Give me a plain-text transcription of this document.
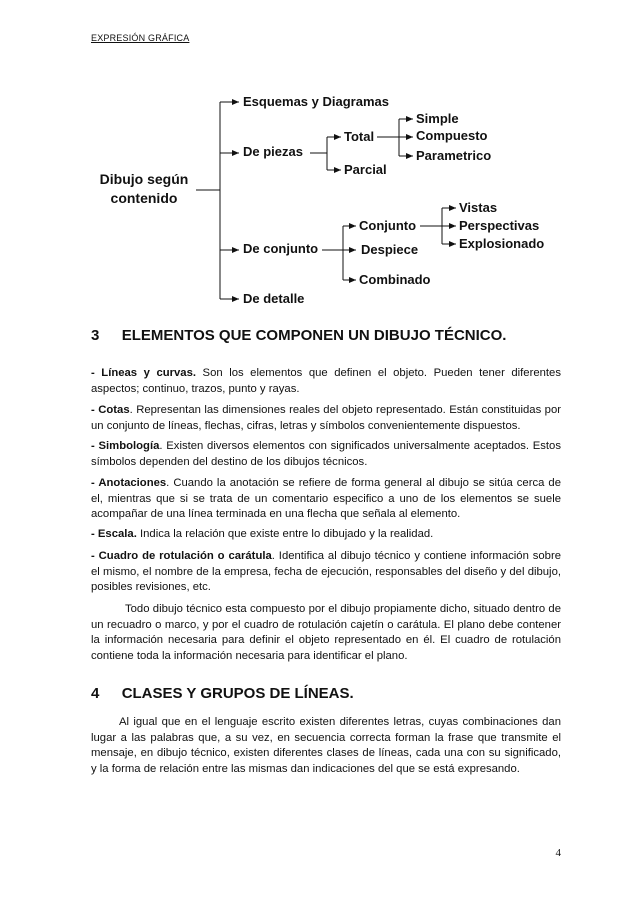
EXPRESIÓN GRÁFICA
Dibujo según
contenido
Esquemas y Diagramas
De piezas
De conjunto
De detalle
Total
Parcial
Simple
Compuesto
Parametrico
Conjunto
Despiece
Combinado
Vistas
Perspectivas
Explosionado
3 ELEMENTOS QUE COMPONEN UN DIBUJO TÉCNICO.
- Líneas y curvas. Son los elementos que definen el objeto. Pueden tener diferentes aspectos; continuo, trazos, punto y rayas.
- Cotas. Representan las dimensiones reales del objeto representado. Están constituidas por un conjunto de líneas, flechas, cifras, letras y símbolos convenientemente dispuestos.
- Simbología. Existen diversos elementos con significados universalmente aceptados. Estos símbolos dependen del destino de los dibujos técnicos.
- Anotaciones. Cuando la anotación se refiere de forma general al dibujo se sitúa cerca de el, mientras que si se trata de un comentario especifico a uno de los elementos se suele acompañar de una línea terminada en una flecha que señala al elemento.
- Escala. Indica la relación que existe entre lo dibujado y la realidad.
- Cuadro de rotulación o carátula. Identifica al dibujo técnico y contiene información sobre el mismo, el nombre de la empresa, fecha de ejecución, responsables del diseño y del dibujo, posibles revisiones, etc.
Todo dibujo técnico esta compuesto por el dibujo propiamente dicho, situado dentro de un recuadro o marco, y por el cuadro de rotulación cajetín o carátula. El plano debe contener la información necesaria para definir el objeto representado en él. El cuadro de rotulación contiene toda la información necesaria para identificar el plano.
4 CLASES Y GRUPOS DE LÍNEAS.
Al igual que en el lenguaje escrito existen diferentes letras, cuyas combinaciones dan lugar a las palabras que, a su vez, en secuencia correcta forman la frase que transmite el mensaje, en dibujo técnico, existen diferentes clases de líneas, cada una con su significado, y la forma de relación entre las mismas dan indicaciones del que se está expresando.
4
